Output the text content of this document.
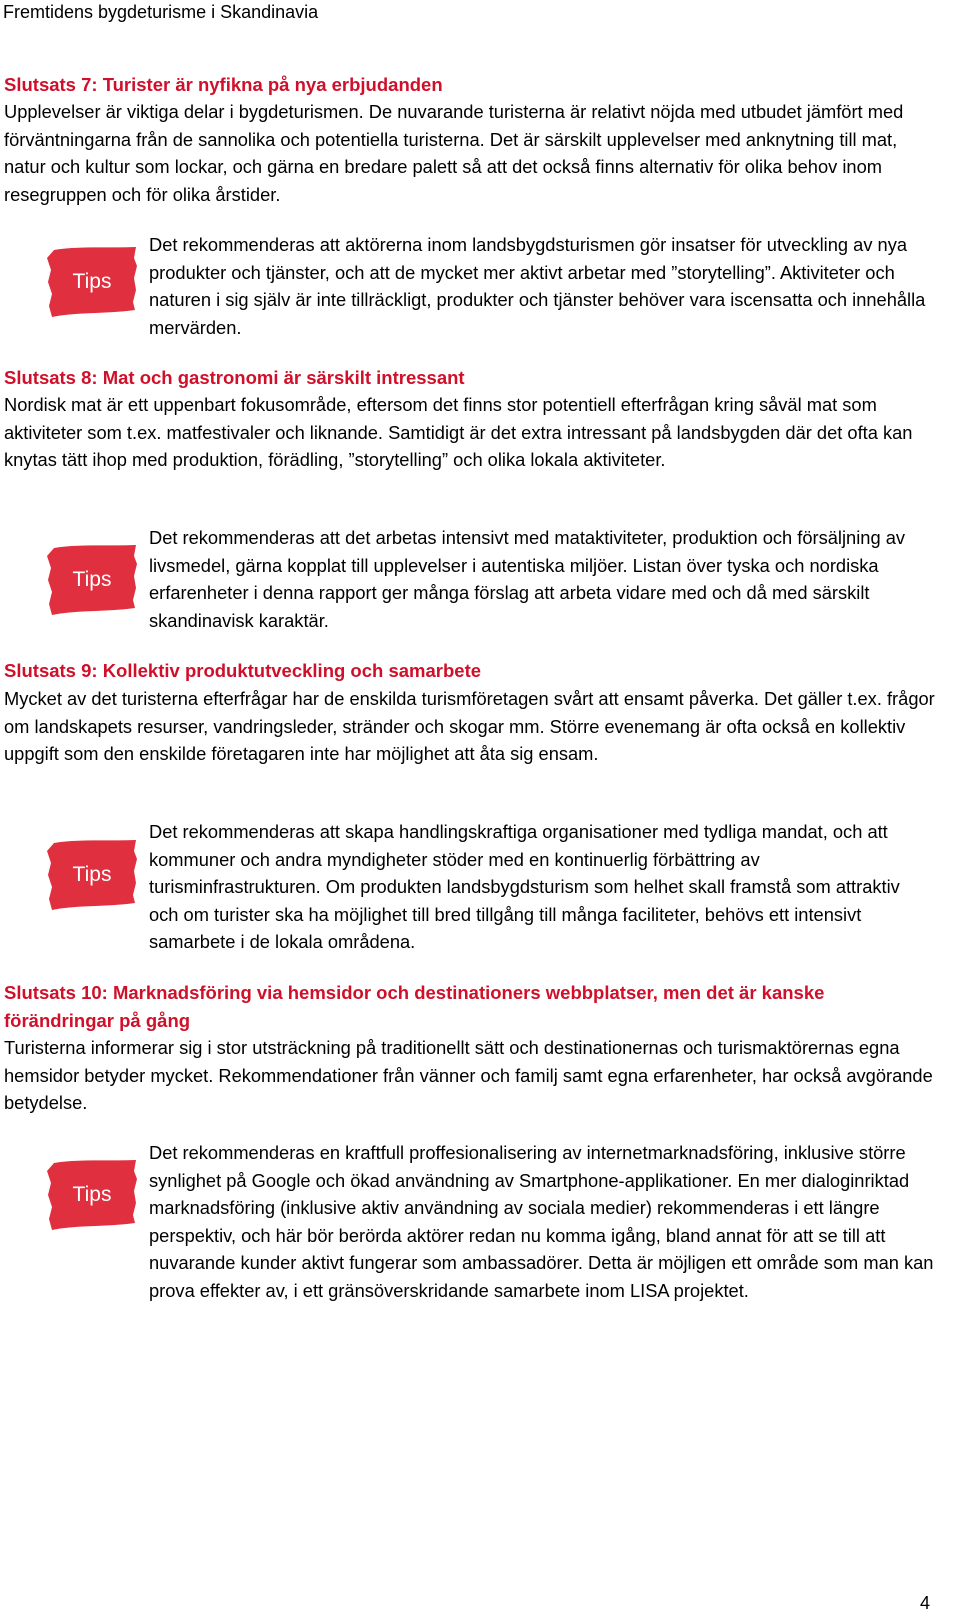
Fremtidens bygdeturisme i Skandinavia
Slutsats 7: Turister är nyfikna på nya erbjudanden

Upplevelser är viktiga delar i bygdeturismen. De nuvarande turisterna är relativt nöjda med utbudet jämfört med förväntningarna från de sannolika och potentiella turisterna. Det är särskilt upplevelser med anknytning till mat, natur och kultur som lockar, och gärna en bredare palett så att det också finns alternativ för olika behov inom resegruppen och för olika årstider.

Tips

Det rekommenderas att aktörerna inom landsbygdsturismen gör insatser för utveckling av nya produkter och tjänster, och att de mycket mer aktivt arbetar med ”storytelling”. Aktiviteter och naturen i sig själv är inte tillräckligt, produkter och tjänster behöver vara iscensatta och innehålla mervärden.

Slutsats 8: Mat och gastronomi är särskilt intressant

Nordisk mat är ett uppenbart fokusområde, eftersom det finns stor potentiell efterfrågan kring såväl mat som aktiviteter som t.ex. matfestivaler och liknande. Samtidigt är det extra intressant på landsbygden där det ofta kan knytas tätt ihop med produktion, förädling, ”storytelling” och olika lokala aktiviteter.

Tips

Det rekommenderas att det arbetas intensivt med mataktiviteter, produktion och försäljning av livsmedel, gärna kopplat till upplevelser i autentiska miljöer. Listan över tyska och nordiska erfarenheter i denna rapport ger många förslag att arbeta vidare med och då med särskilt skandinavisk karaktär.

Slutsats 9: Kollektiv produktutveckling och samarbete

Mycket av det turisterna efterfrågar har de enskilda turismföretagen svårt att ensamt påverka. Det gäller t.ex. frågor om landskapets resurser, vandringsleder, stränder och skogar mm. Större evenemang är ofta också en kollektiv uppgift som den enskilde företagaren inte har möjlighet att åta sig ensam.

Tips

Det rekommenderas att skapa handlingskraftiga organisationer med tydliga mandat, och att kommuner och andra myndigheter stöder med en kontinuerlig förbättring av turisminfrastrukturen. Om produkten landsbygdsturism som helhet skall framstå som attraktiv och om turister ska ha möjlighet till bred tillgång till många faciliteter, behövs ett intensivt samarbete i de lokala områdena.

Slutsats 10: Marknadsföring via hemsidor och destinationers webbplatser, men det är kanske förändringar på gång

Turisterna informerar sig i stor utsträckning på traditionellt sätt och destinationernas och turismaktörernas egna hemsidor betyder mycket. Rekommendationer från vänner och familj samt egna erfarenheter, har också avgörande betydelse.

Tips

Det rekommenderas en kraftfull proffesionalisering av internetmarknadsföring, inklusive större synlighet på Google och ökad användning av Smartphone-applikationer. En mer dialoginriktad marknadsföring (inklusive aktiv användning av sociala medier) rekommenderas i ett längre perspektiv, och här bör berörda aktörer redan nu komma igång, bland annat för att se till att nuvarande kunder aktivt fungerar som ambassadörer. Detta är möjligen ett område som man kan prova effekter av, i ett gränsöverskridande samarbete inom LISA projektet.

4
